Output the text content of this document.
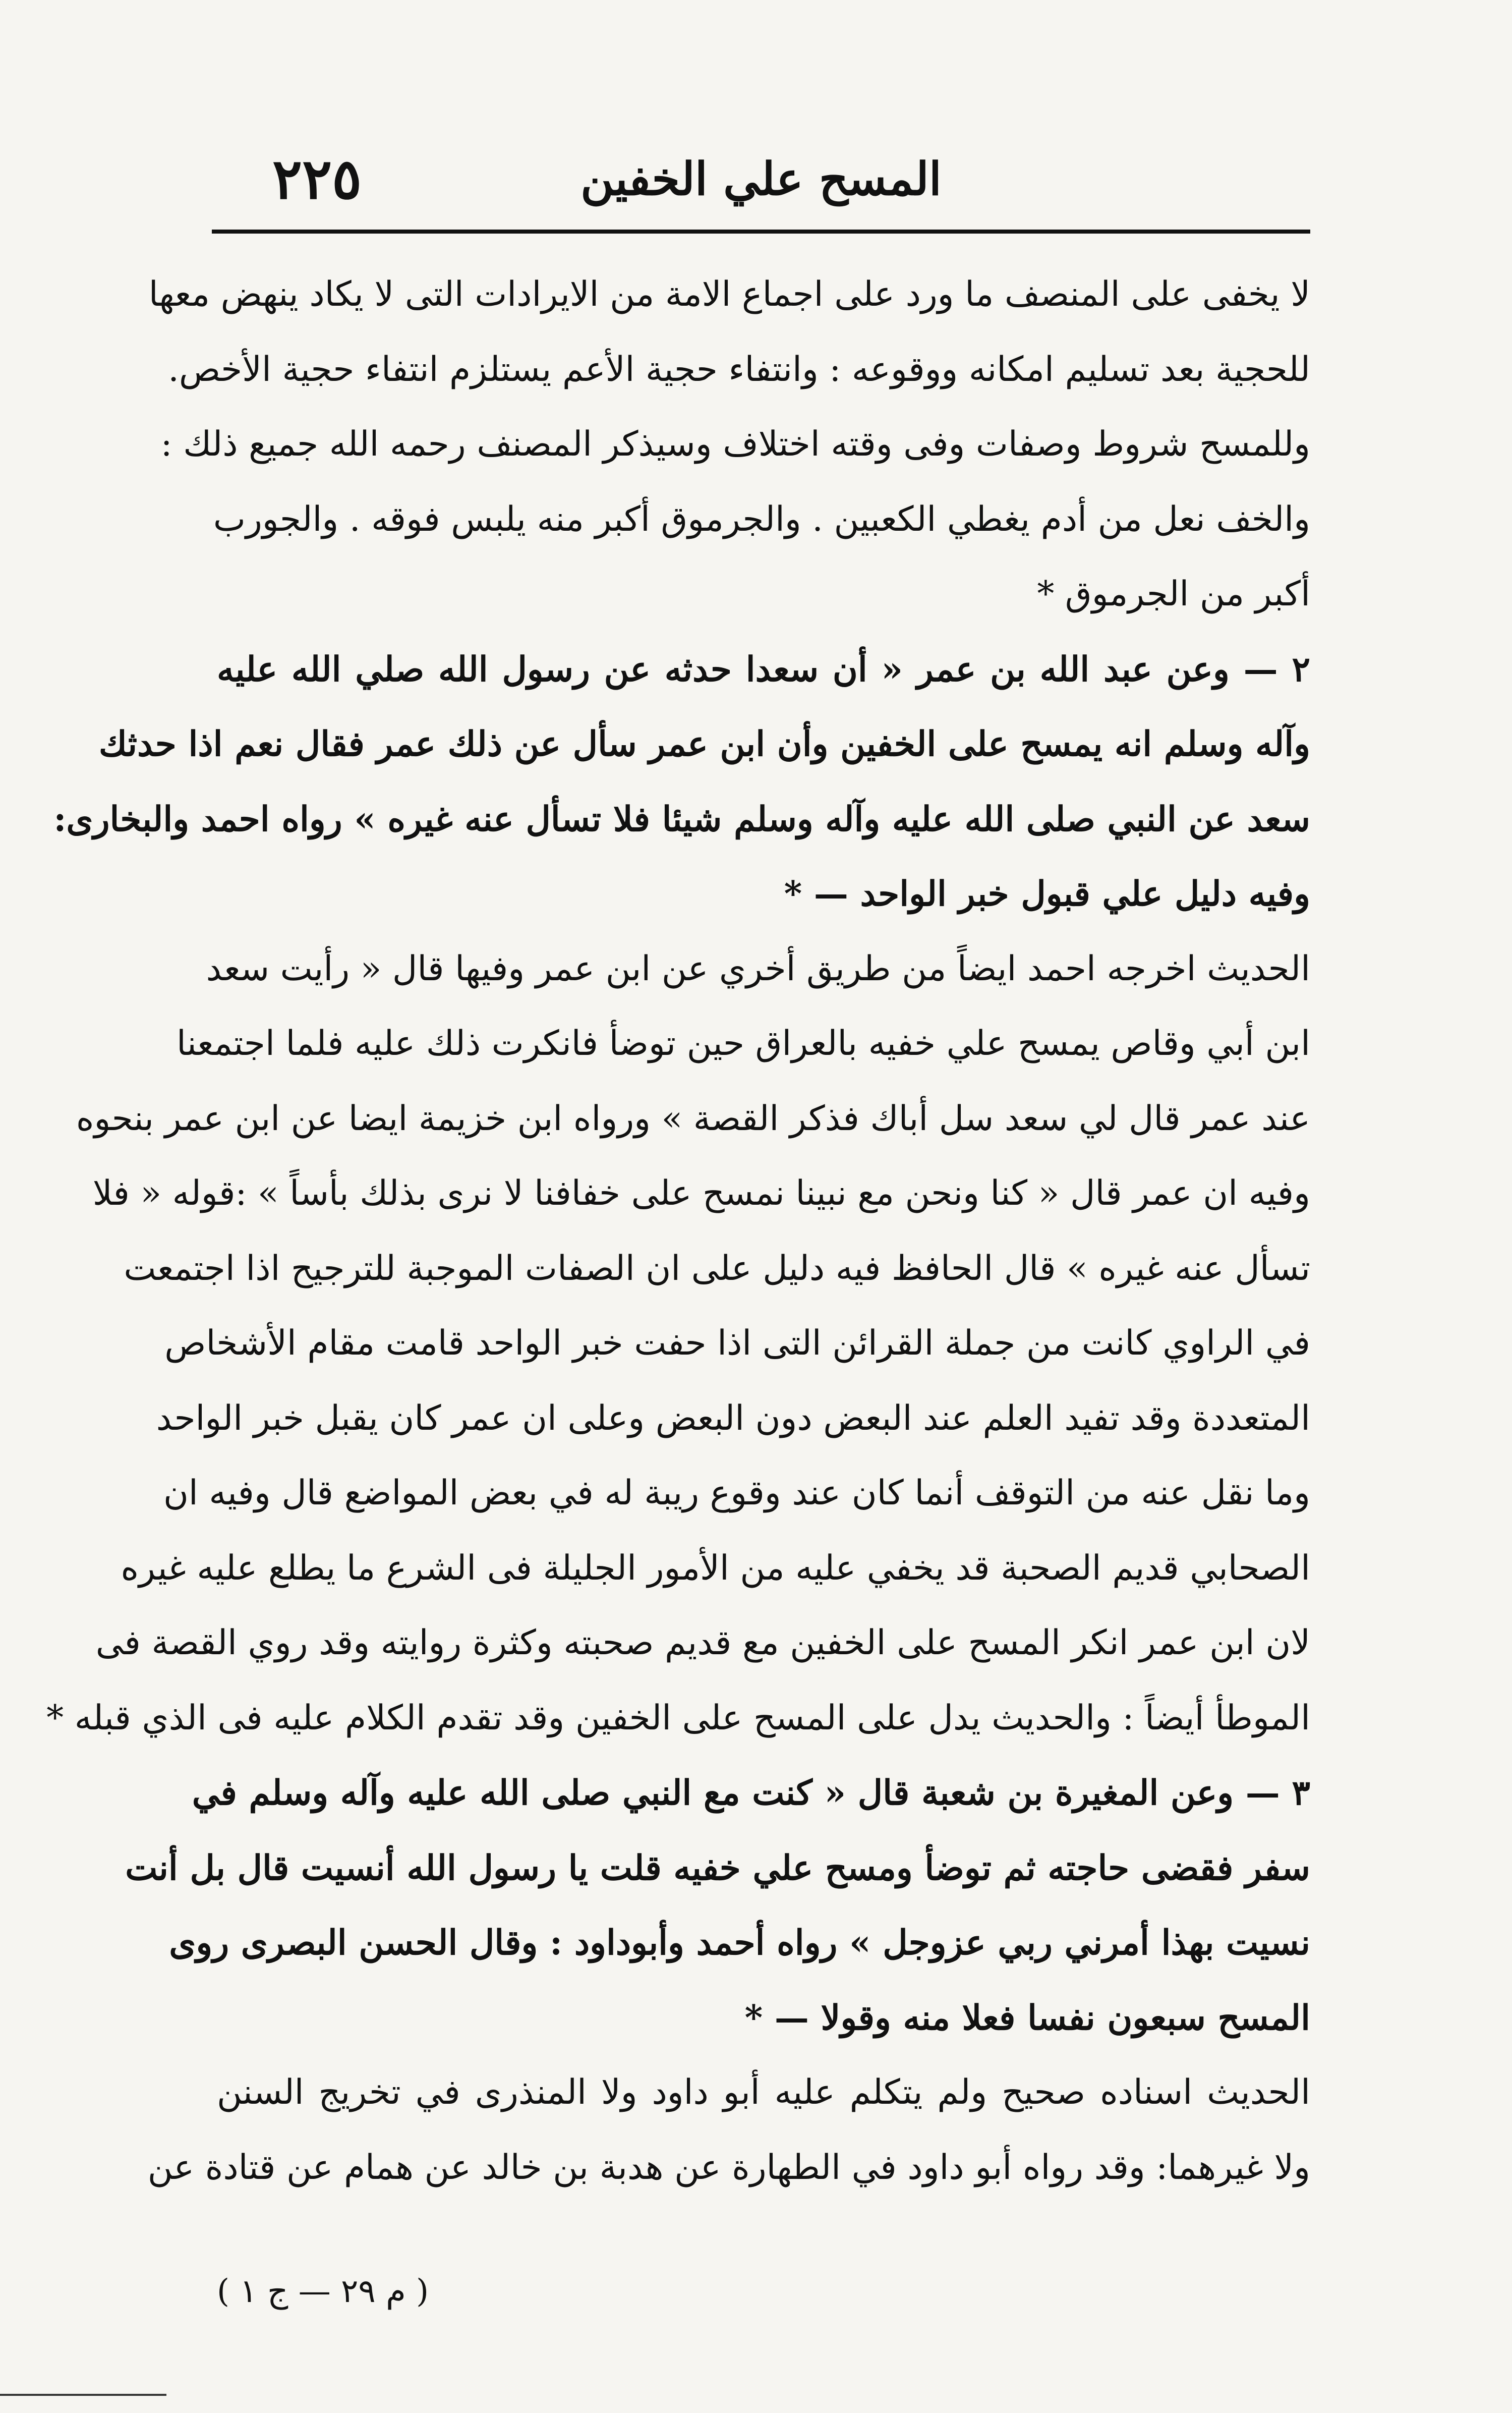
٢٢٥	المسح علي الخفين
لا يخفى على المنصف ما ورد على اجماع الامة من الايرادات التى لا يكاد ينهض معها
للحجية بعد تسليم امكانه ووقوعه : وانتفاء حجية الأعم يستلزم انتفاء حجية الأخص.
وللمسح شروط وصفات وفى وقته اختلاف وسيذكر المصنف رحمه الله جميع ذلك :
والخف نعل من أدم يغطي الكعبين . والجرموق أكبر منه يلبس فوقه . والجورب
أكبر من الجرموق *
٢ — وعن عبد الله بن عمر « أن سعدا حدثه عن رسول الله صلي الله عليه
وآله وسلم انه يمسح على الخفين وأن ابن عمر سأل عن ذلك عمر فقال نعم اذا حدثك
سعد عن النبي صلى الله عليه وآله وسلم شيئا فلا تسأل عنه غيره » رواه احمد والبخارى:
وفيه دليل علي قبول خبر الواحد — *
الحديث اخرجه احمد ايضاً من طريق أخري عن ابن عمر وفيها قال « رأيت سعد
ابن أبي وقاص يمسح علي خفيه بالعراق حين توضأ فانكرت ذلك عليه فلما اجتمعنا
عند عمر قال لي سعد سل أباك فذكر القصة » ورواه ابن خزيمة ايضا عن ابن عمر بنحوه
وفيه ان عمر قال « كنا ونحن مع نبينا نمسح على خفافنا لا نرى بذلك بأساً » :قوله « فلا
تسأل عنه غيره » قال الحافظ فيه دليل على ان الصفات الموجبة للترجيح اذا اجتمعت
في الراوي كانت من جملة القرائن التى اذا حفت خبر الواحد قامت مقام الأشخاص
المتعددة وقد تفيد العلم عند البعض دون البعض وعلى ان عمر كان يقبل خبر الواحد
وما نقل عنه من التوقف أنما كان عند وقوع ريبة له في بعض المواضع قال وفيه ان
الصحابي قديم الصحبة قد يخفي عليه من الأمور الجليلة فى الشرع ما يطلع عليه غيره
لان ابن عمر انكر المسح على الخفين مع قديم صحبته وكثرة روايته وقد روي القصة فى
الموطأ أيضاً : والحديث يدل على المسح على الخفين وقد تقدم الكلام عليه فى الذي قبله *
٣ — وعن المغيرة بن شعبة قال « كنت مع النبي صلى الله عليه وآله وسلم في
سفر فقضى حاجته ثم توضأ ومسح علي خفيه قلت يا رسول الله أنسيت قال بل أنت
نسيت بهذا أمرني ربي عزوجل » رواه أحمد وأبوداود : وقال الحسن البصرى روى
المسح سبعون نفسا فعلا منه وقولا — *
الحديث اسناده صحيح ولم يتكلم عليه أبو داود ولا المنذرى في تخريج السنن
ولا غيرهما: وقد رواه أبو داود في الطهارة عن هدبة بن خالد عن همام عن قتادة عن
( م ٢٩ — ج ١ )
